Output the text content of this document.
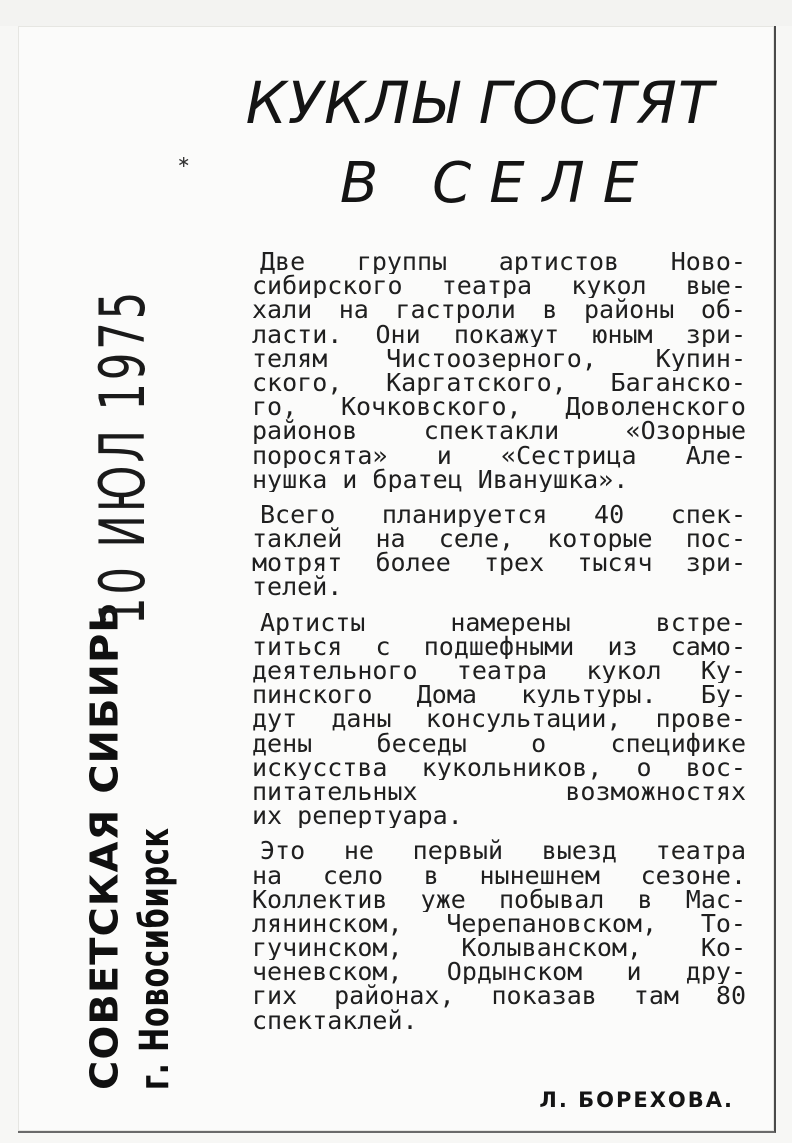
КУКЛЫ ГОСТЯТ
В СЕЛЕ
∗
СОВЕТСКАЯ СИБИРЬ
10 ИЮЛ 1975
г. Новосибирск
Две группы артистов Ново-
сибирского театра кукол вые-
хали на гастроли в районы об-
ласти. Они покажут юным зри-
телям Чистоозерного, Купин-
ского, Каргатского, Баганско-
го, Кочковского, Доволенского
районов спектакли «Озорные
поросята» и «Сестрица Але-
нушка и братец Иванушка».
Всего планируется 40 спек-
таклей на селе, которые пос-
мотрят более трех тысяч зри-
телей.
Артисты намерены встре-
титься с подшефными из само-
деятельного театра кукол Ку-
пинского Дома культуры. Бу-
дут даны консультации, прове-
дены беседы о специфике
искусства кукольников, о вос-
питательных возможностях
их репертуара.
Это не первый выезд театра
на село в нынешнем сезоне.
Коллектив уже побывал в Мас-
лянинском, Черепановском, То-
гучинском, Колыванском, Ко-
ченевском, Ордынском и дру-
гих районах, показав там 80
спектаклей.
Л. БОРЕХОВА.
